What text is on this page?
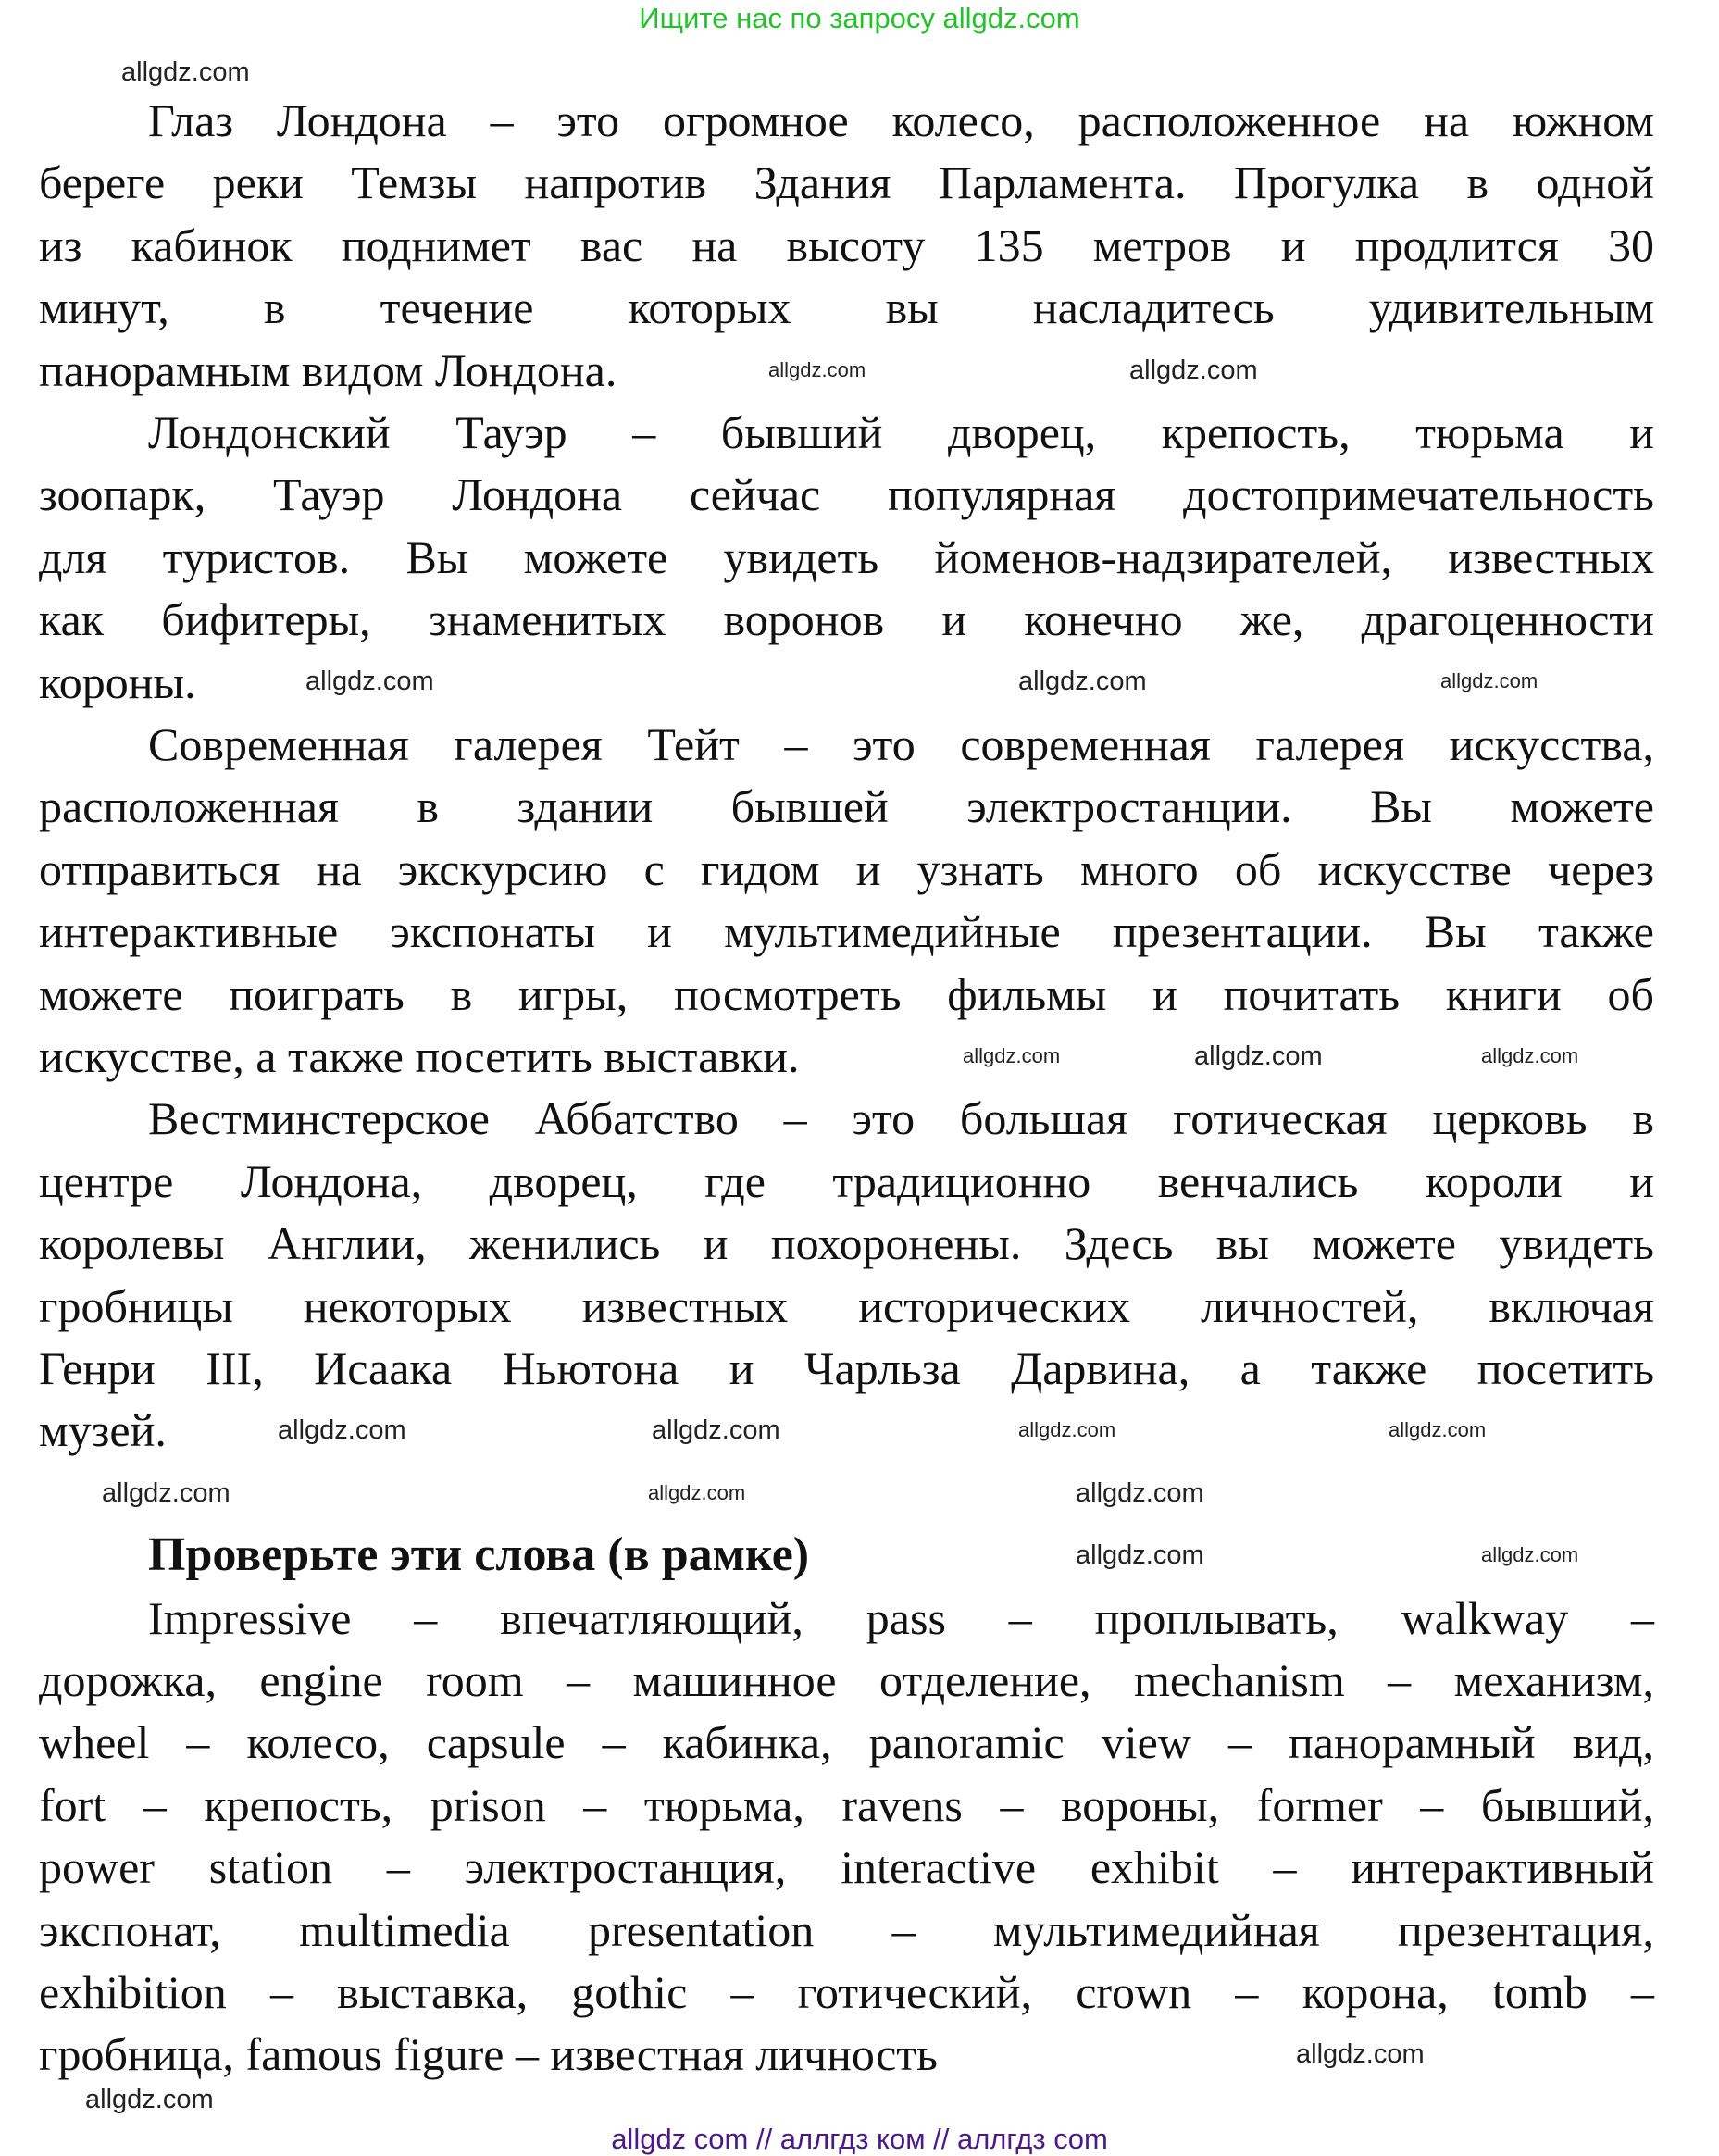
Ищите нас по запросу allgdz.com
Глаз Лондона – это огромное колесо, расположенное на южном
береге реки Темзы напротив Здания Парламента. Прогулка в одной
из кабинок поднимет вас на высоту 135 метров и продлится 30
минут, в течение которых вы насладитесь удивительным
панорамным видом Лондона.
Лондонский Тауэр – бывший дворец, крепость, тюрьма и
зоопарк, Тауэр Лондона сейчас популярная достопримечательность
для туристов. Вы можете увидеть йоменов-надзирателей, известных
как бифитеры, знаменитых воронов и конечно же, драгоценности
короны.
Современная галерея Тейт – это современная галерея искусства,
расположенная в здании бывшей электростанции. Вы можете
отправиться на экскурсию с гидом и узнать много об искусстве через
интерактивные экспонаты и мультимедийные презентации. Вы также
можете поиграть в игры, посмотреть фильмы и почитать книги об
искусстве, а также посетить выставки.
Вестминстерское Аббатство – это большая готическая церковь в
центре Лондона, дворец, где традиционно венчались короли и
королевы Англии, женились и похоронены. Здесь вы можете увидеть
гробницы некоторых известных исторических личностей, включая
Генри III, Исаака Ньютона и Чарльза Дарвина, а также посетить
музей.
Проверьте эти слова (в рамке)
Impressive – впечатляющий, pass – проплывать, walkway –
дорожка, engine room – машинное отделение, mechanism – механизм,
wheel – колесо, capsule – кабинка, panoramic view – панорамный вид,
fort – крепость, prison – тюрьма, ravens – вороны, former – бывший,
power station – электростанция, interactive exhibit – интерактивный
экспонат, multimedia presentation – мультимедийная презентация,
exhibition – выставка, gothic – готический, crown – корона, tomb –
гробница, famous figure – известная личность
allgdz.com
allgdz.com	allgdz.com
allgdz.com	allgdz.com	allgdz.com
allgdz.com	allgdz.com	allgdz.com
allgdz.com	allgdz.com	allgdz.com	allgdz.com
allgdz.com	allgdz.com	allgdz.com
allgdz.com	allgdz.com
allgdz.com
allgdz.com
allgdz com // аллгдз ком // аллгдз com
